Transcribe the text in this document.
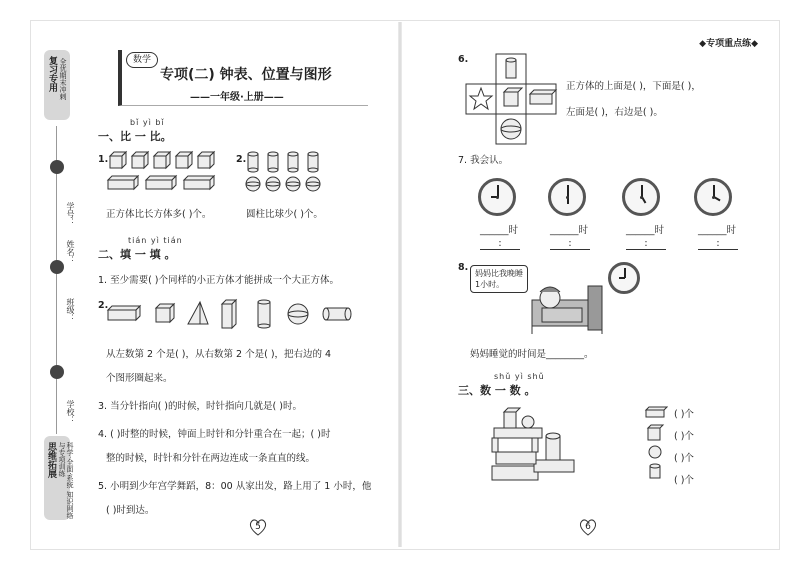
复习专用 全优期末冲刺
学号：
姓名：
班级：
学校：
思维拓展	科学·全面·系统 知识网络与专项训练
数学
专项(二) 钟表、位置与图形
——一年级·上册——
bǐ yì bǐ
一、比 一 比。
1.	2.
正方体比长方体多( )个。	圆柱比球少( )个。
tián yì tián
二、填 一 填 。
1. 至少需要( )个同样的小正方体才能拼成一个大正方体。
2.
从左数第 2 个是( )，从右数第 2 个是( )，把右边的 4
个图形圈起来。
3. 当分针指向( )的时候，时针指向几就是( )时。
4. ( )时整的时候，钟面上时针和分针重合在一起；( )时
整的时候，时针和分针在两边连成一条直直的线。
5. 小明到少年宫学舞蹈，8：00 从家出发，路上用了 1 小时，他
( )时到达。
5
◆专项重点练◆
6.
正方体的上面是( )，下面是( )，
左面是( )，右边是( )。
7. 我会认。
______时	______时	______时	______时
:	:	:	:
8.
妈妈比我晚睡1小时。
妈妈睡觉的时间是________。
shǔ yì shǔ
三、数 一 数 。
( )个
( )个
( )个
( )个
6
